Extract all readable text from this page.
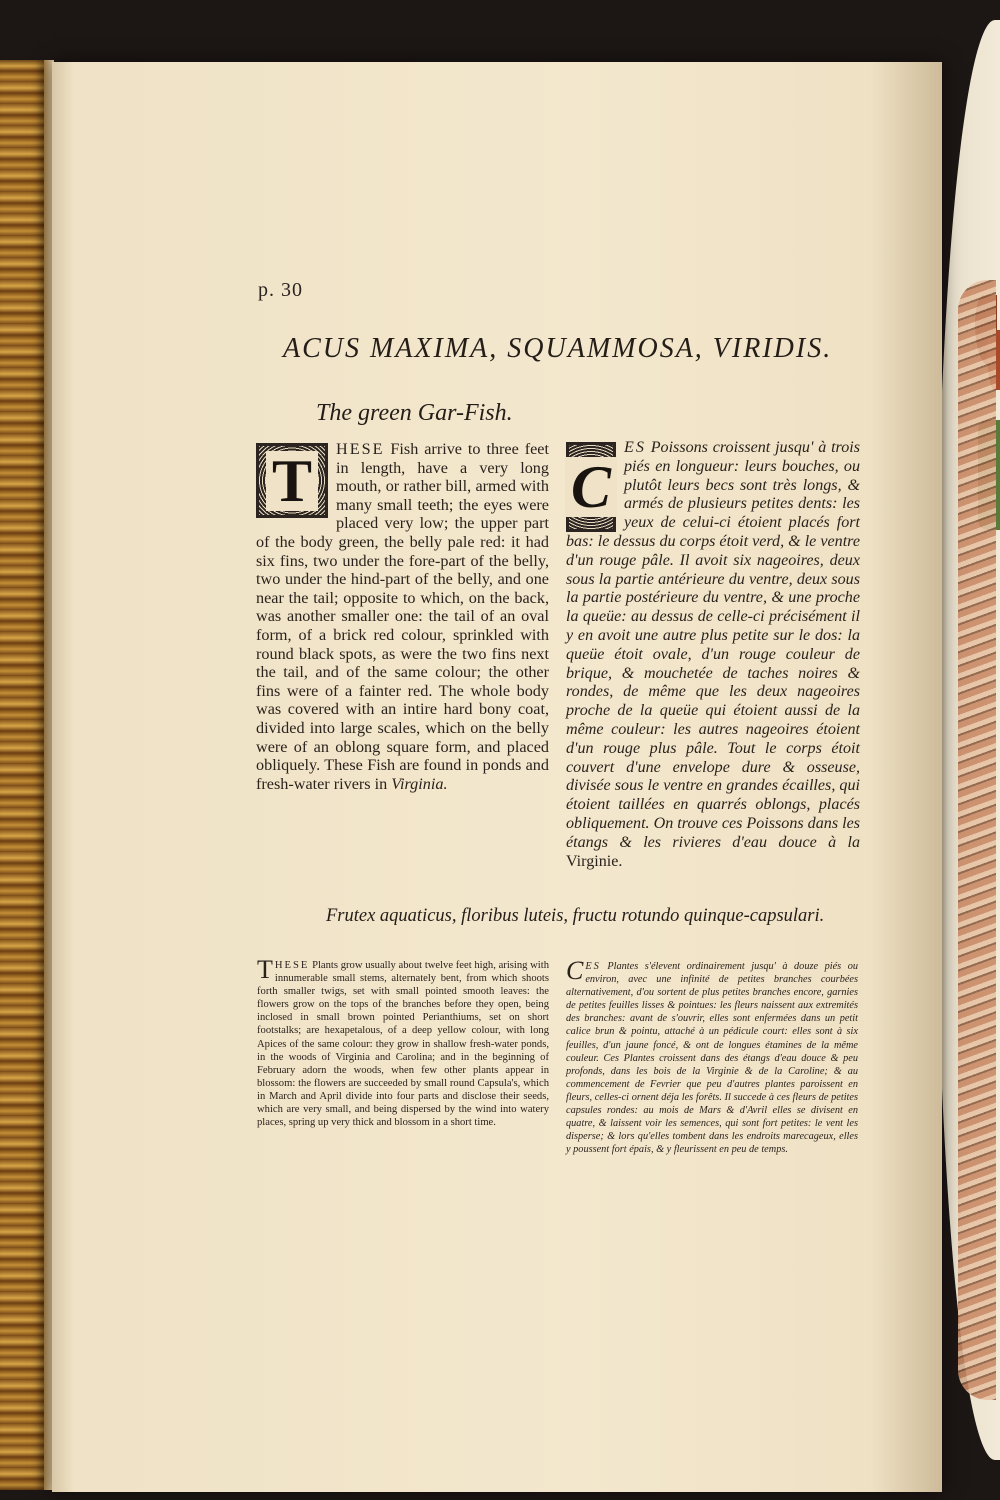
p. 30
ACUS MAXIMA, SQUAMMOSA, VIRIDIS.
The green Gar-Fish.
T	HESE Fish arrive to three feet in length, have a very long mouth, or rather bill, armed with many small teeth; the eyes were placed very low; the upper part of the body green, the belly pale red: it had six fins, two under the fore-part of the belly, two under the hind-part of the belly, and one near the tail; opposite to which, on the back, was another smaller one: the tail of an oval form, of a brick red colour, sprinkled with round black spots, as were the two fins next the tail, and of the same colour; the other fins were of a fainter red. The whole body was covered with an intire hard bony coat, divided into large scales, which on the belly were of an oblong square form, and placed obliquely. These Fish are found in ponds and fresh-water rivers in Virginia.
C
ES Poissons croissent jusqu' à trois piés en longueur: leurs bouches, ou plutôt leurs becs sont très longs, & armés de plusieurs petites dents: les yeux de celui-ci étoient placés fort bas: le dessus du corps étoit verd, & le ventre d'un rouge pâle. Il avoit six nageoires, deux sous la partie antérieure du ventre, deux sous la partie postérieure du ventre, & une proche la queüe: au dessus de celle-ci précisément il y en avoit une autre plus petite sur le dos: la queüe étoit ovale, d'un rouge couleur de brique, & mouchetée de taches noires & rondes, de même que les deux nageoires proche de la queüe qui étoient aussi de la même couleur: les autres nageoires étoient d'un rouge plus pâle. Tout le corps étoit couvert d'une envelope dure & osseuse, divisée sous le ventre en grandes écailles, qui étoient taillées en quarrés oblongs, placés obliquement. On trouve ces Poissons dans les étangs & les rivieres d'eau douce à la Virginie.
Frutex aquaticus, floribus luteis, fructu rotundo quinque-capsulari.
THESE Plants grow usually about twelve feet high, arising with innumerable small stems, alternately bent, from which shoots forth smaller twigs, set with small pointed smooth leaves: the flowers grow on the tops of the branches before they open, being inclosed in small brown pointed Perianthiums, set on short footstalks; are hexapetalous, of a deep yellow colour, with long Apices of the same colour: they grow in shallow fresh-water ponds, in the woods of Virginia and Carolina; and in the beginning of February adorn the woods, when few other plants appear in blossom: the flowers are succeeded by small round Capsula's, which in March and April divide into four parts and disclose their seeds, which are very small, and being dispersed by the wind into watery places, spring up very thick and blossom in a short time.
CES Plantes s'élevent ordinairement jusqu' à douze piés ou environ, avec une infinité de petites branches courbées alternativement, d'ou sortent de plus petites branches encore, garnies de petites feuilles lisses & pointues: les fleurs naissent aux extremités des branches: avant de s'ouvrir, elles sont enfermées dans un petit calice brun & pointu, attaché à un pédicule court: elles sont à six feuilles, d'un jaune foncé, & ont de longues étamines de la même couleur. Ces Plantes croissent dans des étangs d'eau douce & peu profonds, dans les bois de la Virginie & de la Caroline; & au commencement de Fevrier que peu d'autres plantes paroissent en fleurs, celles-ci ornent déja les forêts. Il succede à ces fleurs de petites capsules rondes: au mois de Mars & d'Avril elles se divisent en quatre, & laissent voir les semences, qui sont fort petites: le vent les disperse; & lors qu'elles tombent dans les endroits marecageux, elles y poussent fort épais, & y fleurissent en peu de temps.
